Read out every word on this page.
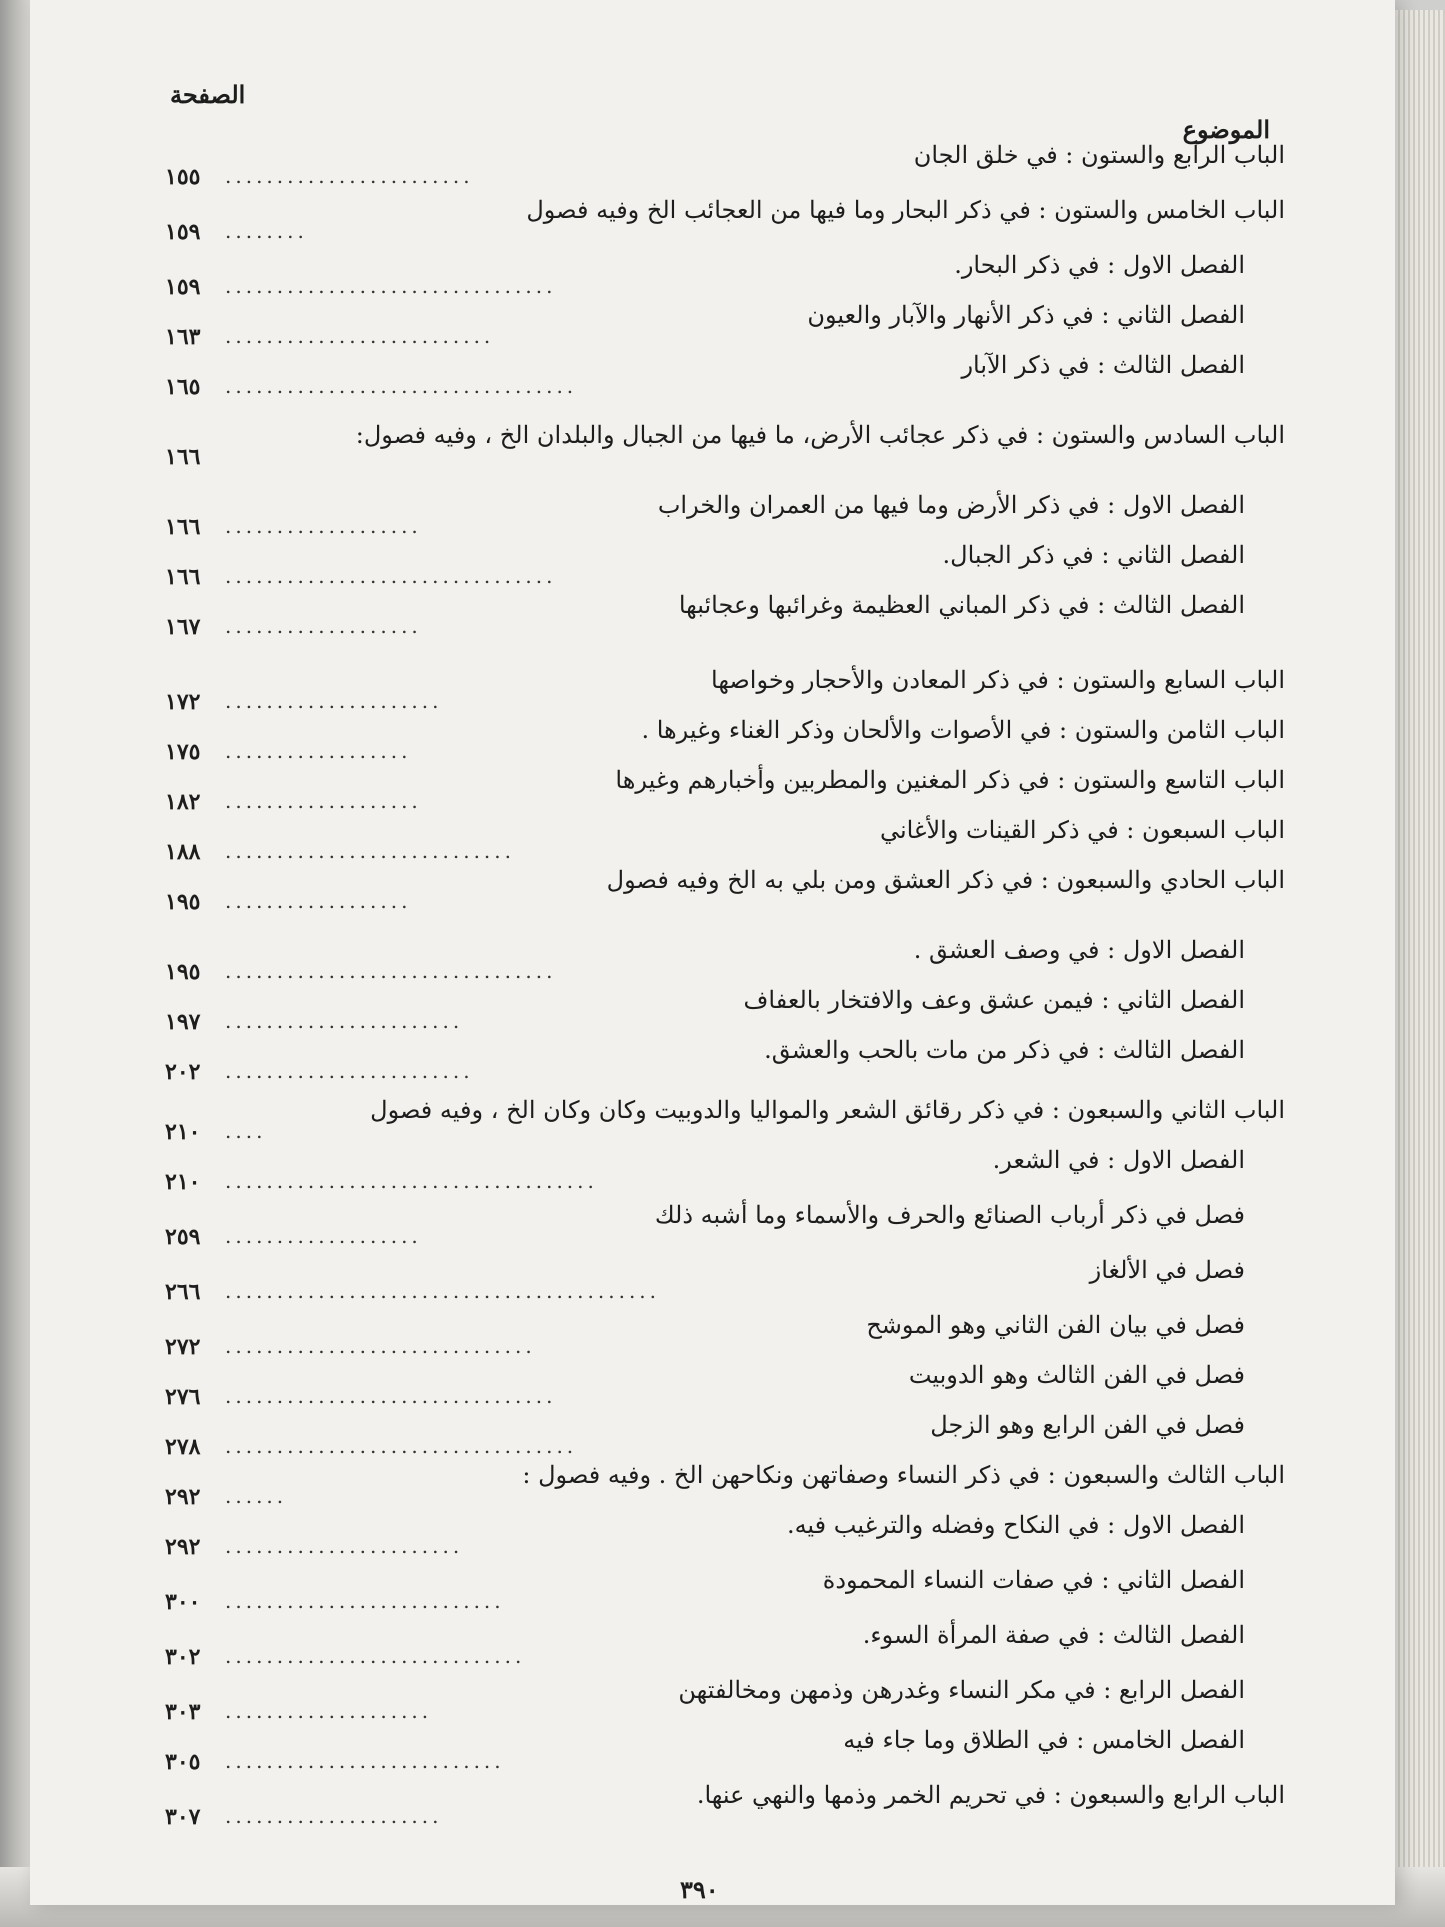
الصفحة
الموضوع
الباب الرابع والستون : في خلق الجان
........................
١٥٥
الباب الخامس والستون : في ذكر البحار وما فيها من العجائب الخ وفيه فصول
........
١٥٩
الفصل الاول : في ذكر البحار.
................................
١٥٩
الفصل الثاني : في ذكر الأنهار والآبار والعيون
..........................
١٦٣
الفصل الثالث : في ذكر الآبار
..................................
١٦٥
الباب السادس والستون : في ذكر عجائب الأرض، ما فيها من الجبال والبلدان الخ ، وفيه فصول:
١٦٦
الفصل الاول : في ذكر الأرض وما فيها من العمران والخراب
...................
١٦٦
الفصل الثاني : في ذكر الجبال.
................................
١٦٦
الفصل الثالث : في ذكر المباني العظيمة وغرائبها وعجائبها
...................
١٦٧
الباب السابع والستون : في ذكر المعادن والأحجار وخواصها
.....................
١٧٢
الباب الثامن والستون : في الأصوات والألحان وذكر الغناء وغيرها .
..................
١٧٥
الباب التاسع والستون : في ذكر المغنين والمطربين وأخبارهم وغيرها
...................
١٨٢
الباب السبعون : في ذكر القينات والأغاني
............................
١٨٨
الباب الحادي والسبعون : في ذكر العشق ومن بلي به الخ وفيه فصول
..................
١٩٥
الفصل الاول : في وصف العشق .
................................
١٩٥
الفصل الثاني : فيمن عشق وعف والافتخار بالعفاف
.......................
١٩٧
الفصل الثالث : في ذكر من مات بالحب والعشق.
........................
٢٠٢
الباب الثاني والسبعون : في ذكر رقائق الشعر والمواليا والدوبيت وكان وكان الخ ، وفيه فصول
....
٢١٠
الفصل الاول : في الشعر.
....................................
٢١٠
فصل في ذكر أرباب الصنائع والحرف والأسماء وما أشبه ذلك
...................
٢٥٩
فصل في الألغاز
..........................................
٢٦٦
فصل في بيان الفن الثاني وهو الموشح
..............................
٢٧٢
فصل في الفن الثالث وهو الدوبيت
................................
٢٧٦
فصل في الفن الرابع وهو الزجل
..................................
٢٧٨
الباب الثالث والسبعون : في ذكر النساء وصفاتهن ونكاحهن الخ . وفيه فصول :
......
٢٩٢
الفصل الاول : في النكاح وفضله والترغيب فيه.
.......................
٢٩٢
الفصل الثاني : في صفات النساء المحمودة
...........................
٣٠٠
الفصل الثالث : في صفة المرأة السوء.
.............................
٣٠٢
الفصل الرابع : في مكر النساء وغدرهن وذمهن ومخالفتهن
....................
٣٠٣
الفصل الخامس : في الطلاق وما جاء فيه
...........................
٣٠٥
الباب الرابع والسبعون : في تحريم الخمر وذمها والنهي عنها.
.....................
٣٠٧
٣٩٠
